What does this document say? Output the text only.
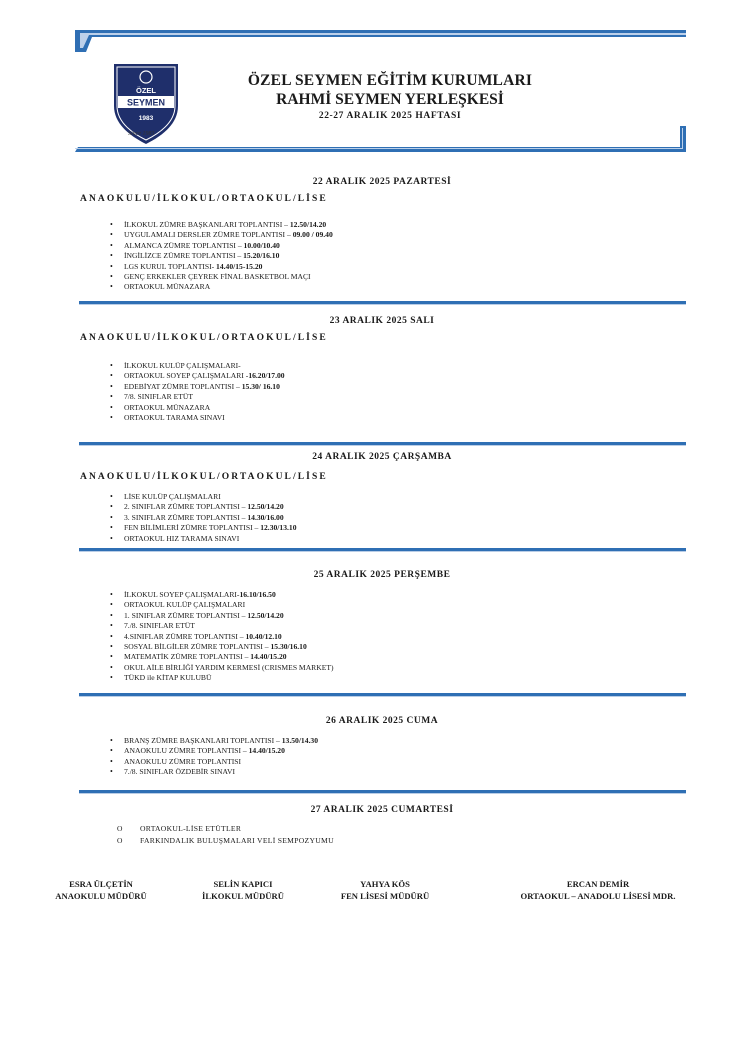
ÖZEL
SEYMEN
1983
Since 1983
ÖZEL SEYMEN EĞİTİM KURUMLARI
RAHMİ SEYMEN YERLEŞKESİ
22-27 ARALIK 2025 HAFTASI
22 ARALIK 2025 PAZARTESİ
ANAOKULU/İLKOKUL/ORTAOKUL/LİSE
• İLKOKUL ZÜMRE BAŞKANLARI TOPLANTISI – 12.50/14.20
• UYGULAMALI DERSLER ZÜMRE TOPLANTISI – 09.00 / 09.40
• ALMANCA ZÜMRE TOPLANTISI – 10.00/10.40
• İNGİLİZCE ZÜMRE TOPLANTISI – 15.20/16.10
• LGS KURUL TOPLANTISI- 14.40/15-15.20
• GENÇ ERKEKLER ÇEYREK FİNAL BASKETBOL MAÇI
• ORTAOKUL MÜNAZARA
23 ARALIK 2025 SALI
ANAOKULU/İLKOKUL/ORTAOKUL/LİSE
• İLKOKUL KULÜP ÇALIŞMALARI-
• ORTAOKUL SOYEP ÇALIŞMALARI -16.20/17.00
• EDEBİYAT ZÜMRE TOPLANTISI – 15.30/ 16.10
• 7/8. SINIFLAR ETÜT
• ORTAOKUL MÜNAZARA
• ORTAOKUL TARAMA SINAVI
24 ARALIK 2025 ÇARŞAMBA
ANAOKULU/İLKOKUL/ORTAOKUL/LİSE
• LİSE KULÜP ÇALIŞMALARI
• 2. SINIFLAR ZÜMRE TOPLANTISI – 12.50/14.20
• 3. SINIFLAR ZÜMRE TOPLANTISI – 14.30/16.00
• FEN BİLİMLERİ ZÜMRE TOPLANTISI – 12.30/13.10
• ORTAOKUL HIZ TARAMA SINAVI
25 ARALIK 2025 PERŞEMBE
• İLKOKUL SOYEP ÇALIŞMALARI-16.10/16.50
• ORTAOKUL KULÜP ÇALIŞMALARI
• 1. SINIFLAR ZÜMRE TOPLANTISI – 12.50/14.20
• 7./8. SINIFLAR ETÜT
• 4.SINIFLAR ZÜMRE TOPLANTISI – 10.40/12.10
• SOSYAL BİLGİLER ZÜMRE TOPLANTISI – 15.30/16.10
• MATEMATİK ZÜMRE TOPLANTISI – 14.40/15.20
• OKUL AİLE BİRLİĞİ YARDIM KERMESİ (CRISMES MARKET)
• TÜKD ile KİTAP KULUBÜ
26 ARALIK 2025 CUMA
• BRANŞ ZÜMRE BAŞKANLARI TOPLANTISI – 13.50/14.30
• ANAOKULU ZÜMRE TOPLANTISI – 14.40/15.20
• ANAOKULU ZÜMRE TOPLANTISI
• 7./8. SINIFLAR ÖZDEBİR SINAVI
27 ARALIK 2025 CUMARTESİ
O ORTAOKUL-LİSE ETÜTLER
O FARKINDALIK BULUŞMALARI VELİ SEMPOZYUMU
ESRA ÜLÇETİN
ANAOKULU MÜDÜRÜ
SELİN KAPICI
İLKOKUL MÜDÜRÜ
YAHYA KÖS
FEN LİSESİ MÜDÜRÜ
ERCAN DEMİR
ORTAOKUL – ANADOLU LİSESİ MDR.
